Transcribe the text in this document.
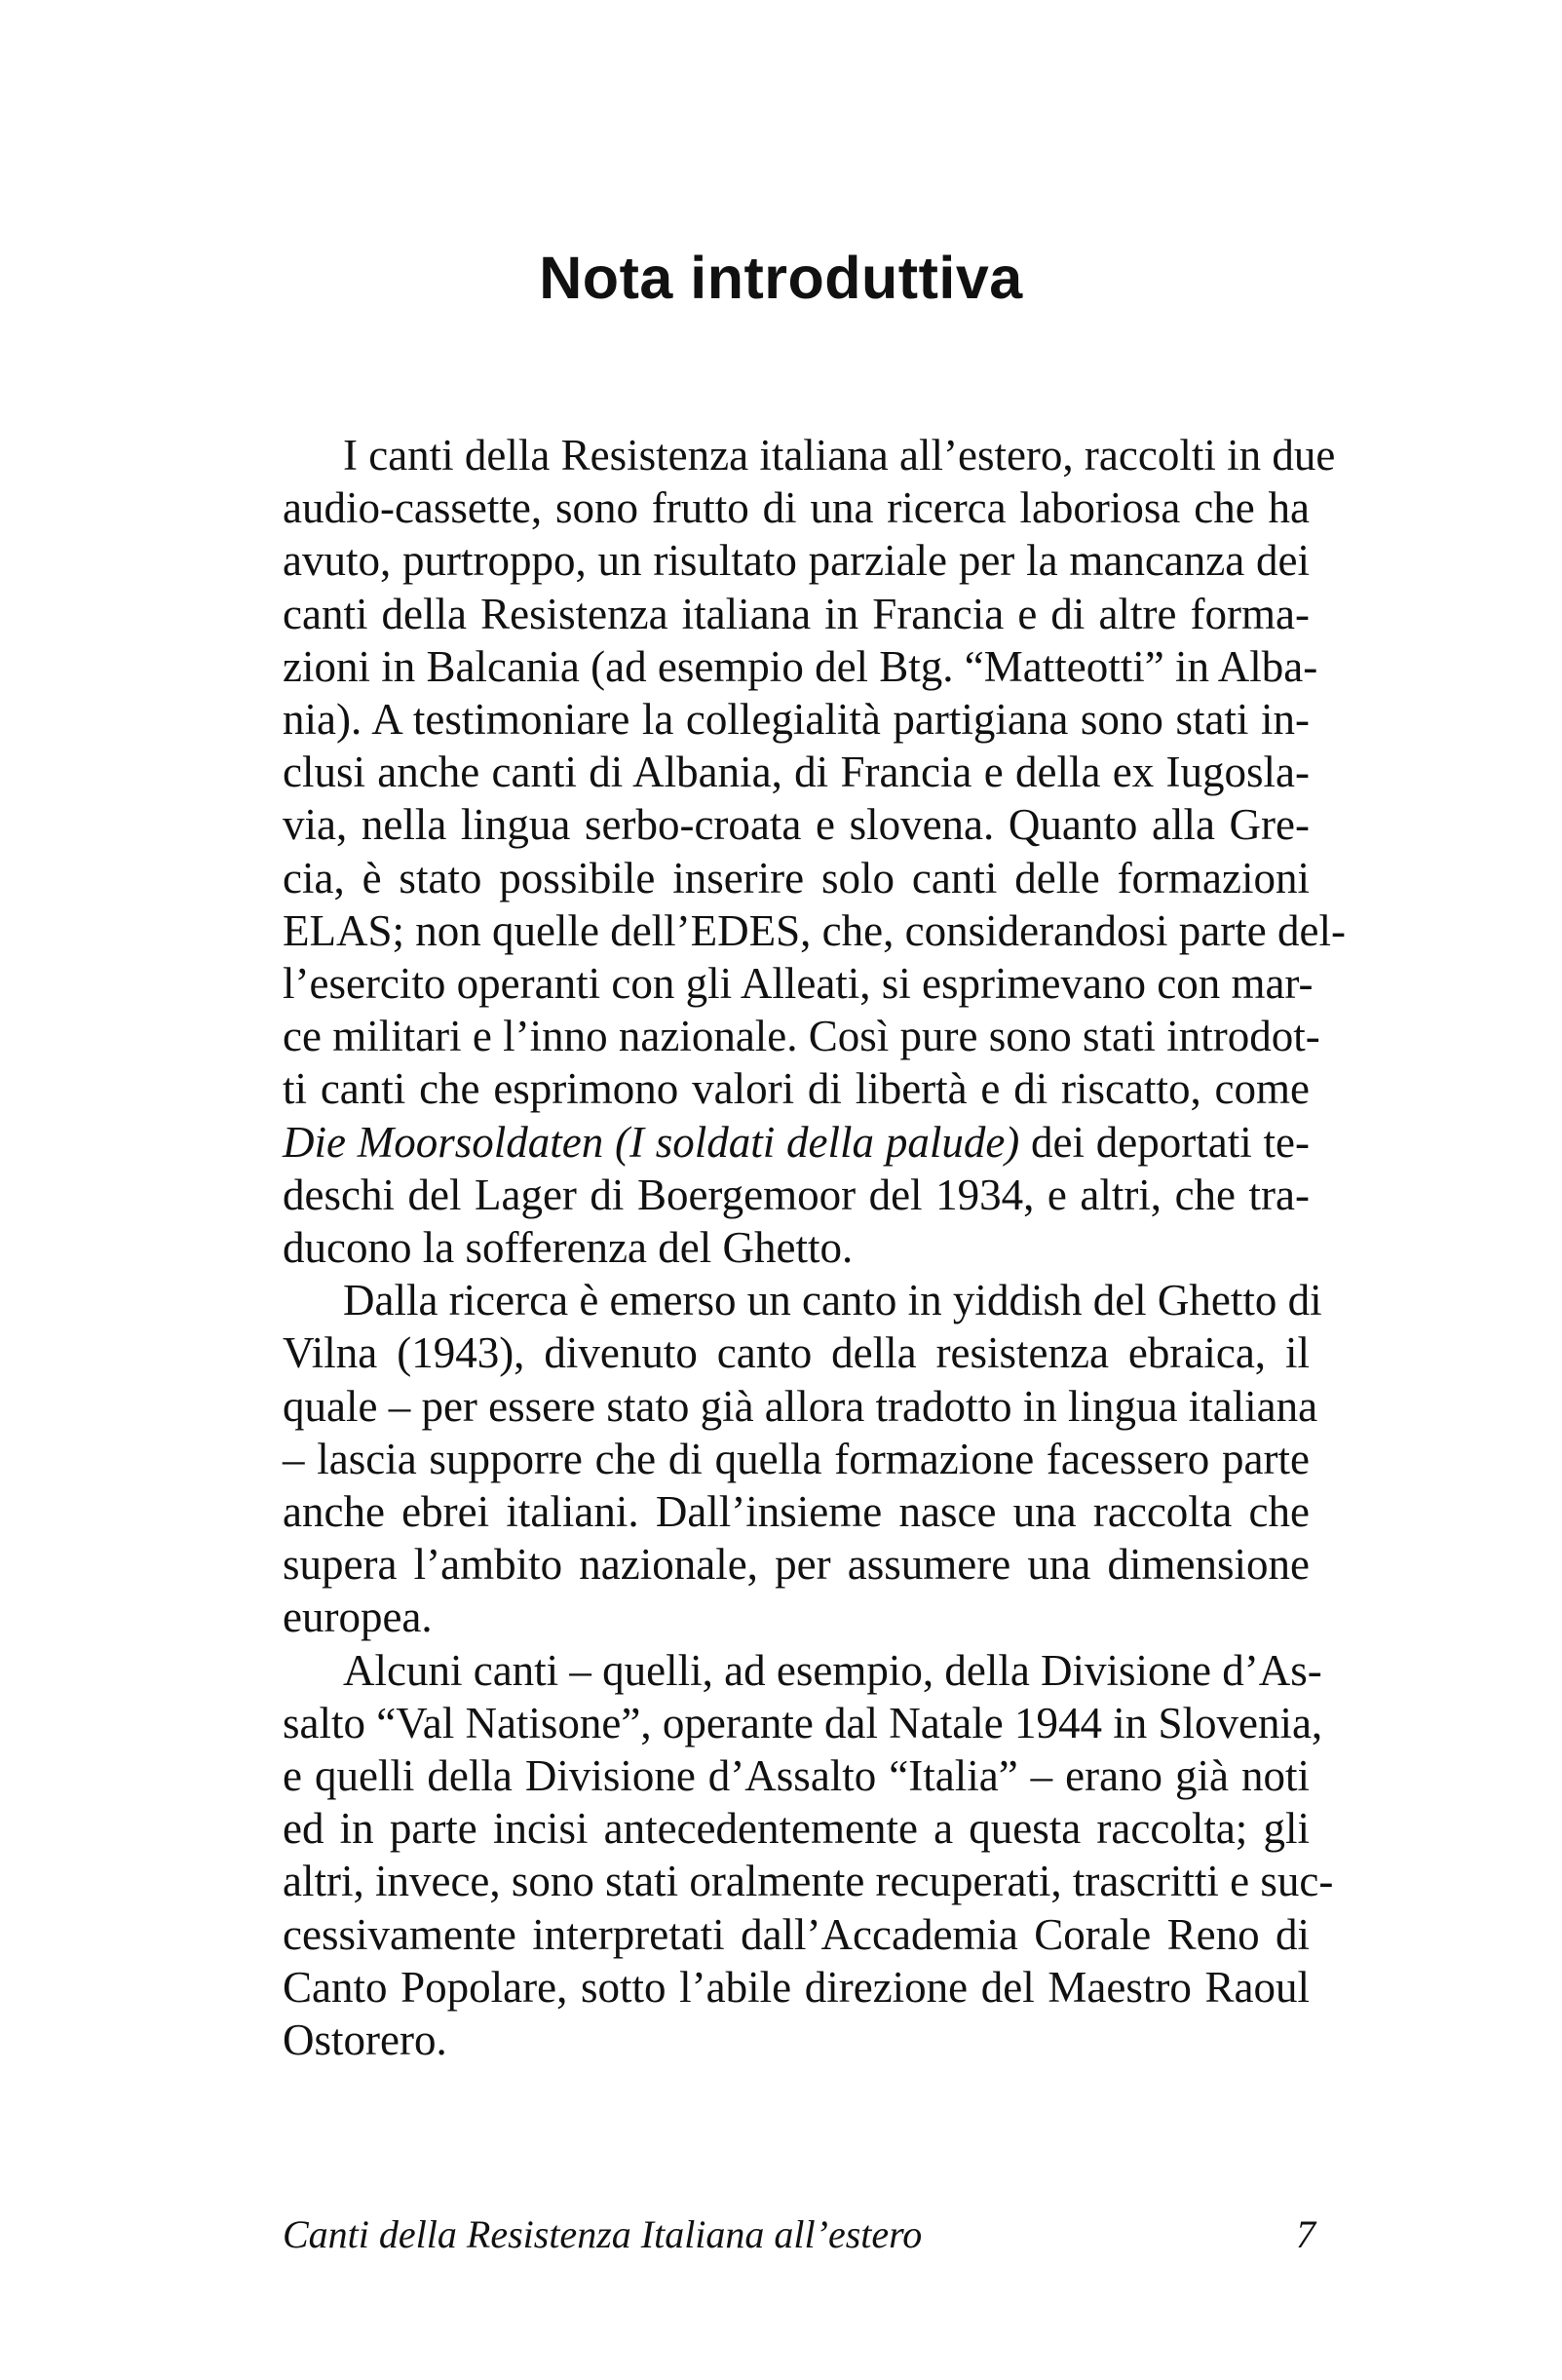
Nota introduttiva
I canti della Resistenza italiana all’estero, raccolti in due
audio-cassette, sono frutto di una ricerca laboriosa che ha
avuto, purtroppo, un risultato parziale per la mancanza dei
canti della Resistenza italiana in Francia e di altre forma-
zioni in Balcania (ad esempio del Btg. “Matteotti” in Alba-
nia). A testimoniare la collegialità partigiana sono stati in-
clusi anche canti di Albania, di Francia e della ex Iugosla-
via, nella lingua serbo-croata e slovena. Quanto alla Gre-
cia, è stato possibile inserire solo canti delle formazioni
ELAS; non quelle dell’EDES, che, considerandosi parte del-
l’esercito operanti con gli Alleati, si esprimevano con mar-
ce militari e l’inno nazionale. Così pure sono stati introdot-
ti canti che esprimono valori di libertà e di riscatto, come
Die Moorsoldaten (I soldati della palude) dei deportati te-
deschi del Lager di Boergemoor del 1934, e altri, che tra-
ducono la sofferenza del Ghetto.
Dalla ricerca è emerso un canto in yiddish del Ghetto di
Vilna (1943), divenuto canto della resistenza ebraica, il
quale – per essere stato già allora tradotto in lingua italiana
– lascia supporre che di quella formazione facessero parte
anche ebrei italiani. Dall’insieme nasce una raccolta che
supera l’ambito nazionale, per assumere una dimensione
europea.
Alcuni canti – quelli, ad esempio, della Divisione d’As-
salto “Val Natisone”, operante dal Natale 1944 in Slovenia,
e quelli della Divisione d’Assalto “Italia” – erano già noti
ed in parte incisi antecedentemente a questa raccolta; gli
altri, invece, sono stati oralmente recuperati, trascritti e suc-
cessivamente interpretati dall’Accademia Corale Reno di
Canto Popolare, sotto l’abile direzione del Maestro Raoul
Ostorero.
Canti della Resistenza Italiana all’estero	7
